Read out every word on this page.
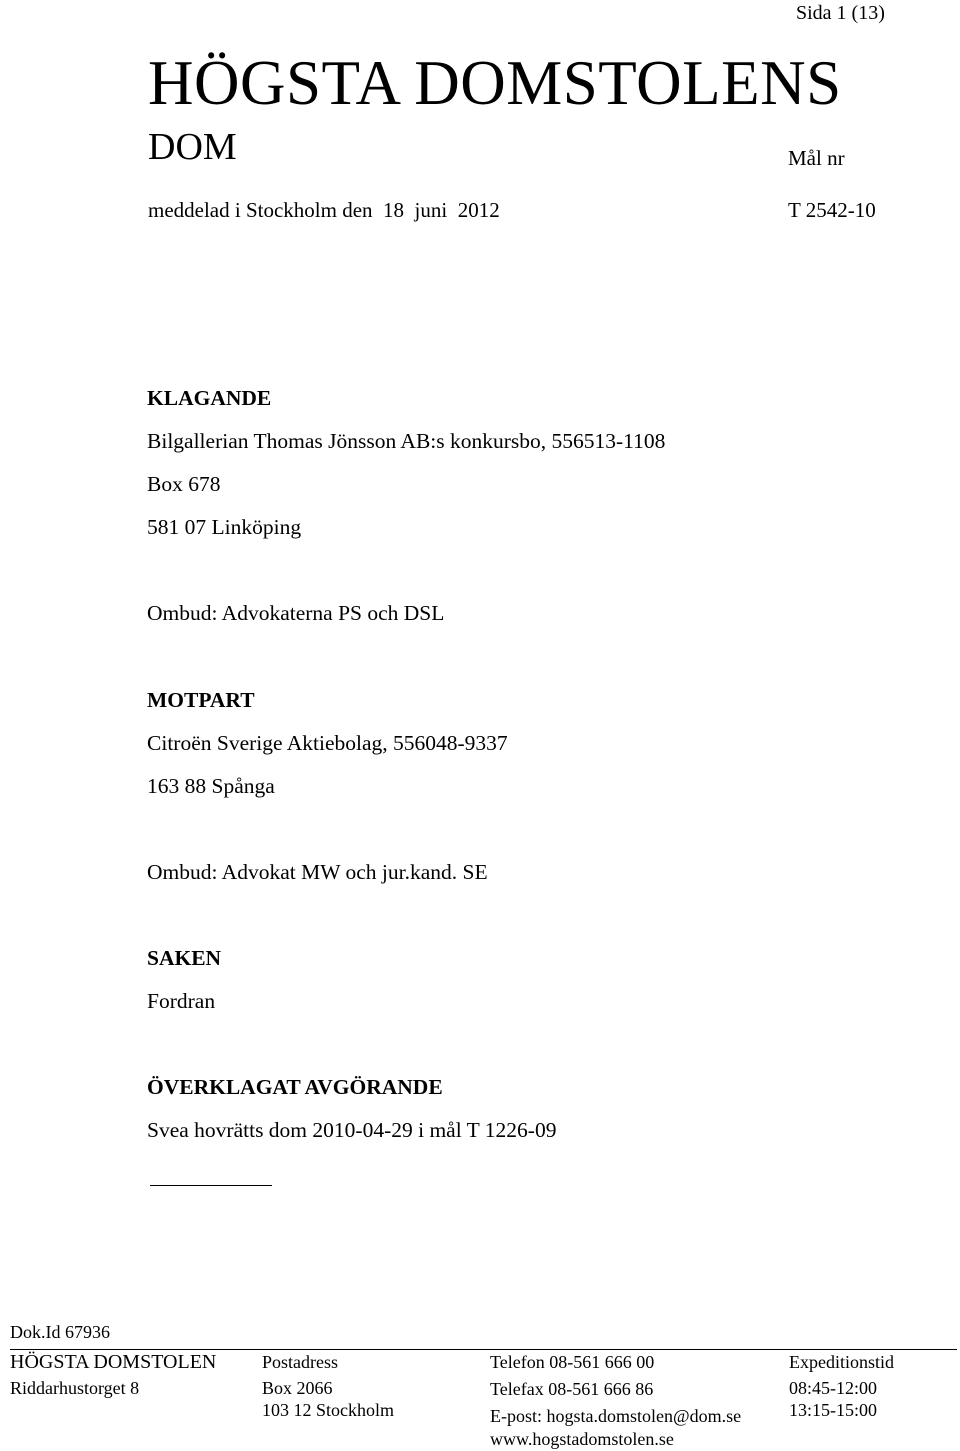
Sida 1 (13)
HÖGSTA DOMSTOLENS
DOM	Mål nr
meddelad i Stockholm den  18  juni  2012	T 2542-10
KLAGANDE
Bilgallerian Thomas Jönsson AB:s konkursbo, 556513-1108
Box 678
581 07 Linköping
Ombud: Advokaterna PS och DSL
MOTPART
Citroën Sverige Aktiebolag, 556048-9337
163 88 Spånga
Ombud: Advokat MW och jur.kand. SE
SAKEN
Fordran
ÖVERKLAGAT AVGÖRANDE
Svea hovrätts dom 2010-04-29 i mål T 1226-09
Dok.Id 67936
HÖGSTA DOMSTOLEN
Riddarhustorget 8
Postadress
Box 2066
103 12 Stockholm
Telefon 08-561 666 00
Telefax 08-561 666 86
E-post: hogsta.domstolen@dom.se
www.hogstadomstolen.se
Expeditionstid
08:45-12:00
13:15-15:00
